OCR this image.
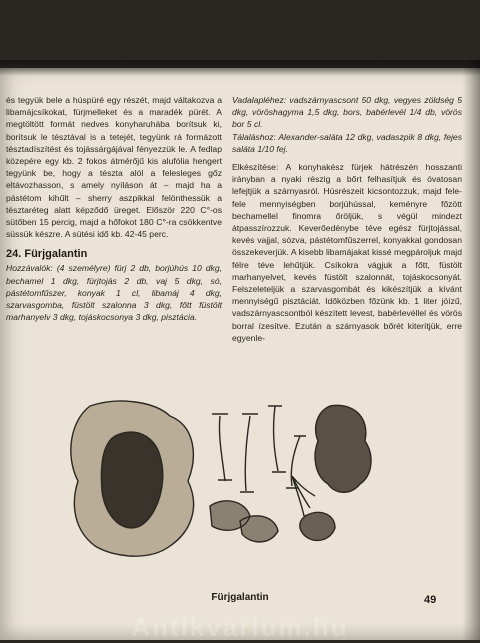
és tegyük bele a húspüré egy részét, majd váltakozva a libamájcsíkokat, fürjmelleket és a maradék pürét. A megtöltött formát nedves konyharuhába borítsuk ki, borítsuk le tésztával is a tetejét, tegyünk rá formázott tésztadíszítést és tojássárgájával fényezzük le. A fedlap közepére egy kb. 2 fokos átmérőjű kis alufólia hengert tegyünk be, hogy a tészta alól a felesleges gőz eltávozhasson, s amely nyíláson át – majd ha a pástétom kihűlt – sherry aszpikkal felönthessük a tésztaréteg alatt képződő üreget. Először 220 C°-os sütőben 15 percig, majd a hőfokot 180 C°-ra csökkentve süssük készre. A sütési idő kb. 42-45 perc.

24. Fürjgalantin

Hozzávalók: (4 személyre) fürj 2 db, borjúhús 10 dkg, bechamel 1 dkg, fürjtojás 2 db, vaj 5 dkg, só, pástétomfűszer, konyak 1 cl, libamáj 4 dkg, szarvasgomba, füstölt szalonna 3 dkg, főtt füstölt marhanyelv 3 dkg, tojáskocsonya 3 dkg, pisztácia.

Vadalapléhez: vadszárnyascsont 50 dkg, vegyes zöldség 5 dkg, vöröshagyma 1,5 dkg, bors, babérlevél 1/4 db, vörös bor 5 cl.

Tálaláshoz: Alexander-saláta 12 dkg, vadaszpik 8 dkg, fejes saláta 1/10 fej.

Elkészítése: A konyhakész fürjek hátrészén hosszanti irányban a nyaki részig a bőrt felhasítjuk és óvatosan lefejtjük a szárnyasról. Húsrészeit kicsontozzuk, majd fele-fele mennyiségben borjúhússal, keményre főzött bechamellel finomra őröljük, s végül mindezt átpasszírozzuk. Keverőedénybe téve egész fürjtojással, kevés vajjal, sózva, pástétomfűszerrel, konyakkal gondosan összekeverjük. A kisebb libamájakat kissé megpároljuk majd félre téve lehűtjük. Csíkokra vágjuk a főtt, füstölt marhanyelvet, kevés füstölt szalonnát, tojáskocsonyát. Felszeleteljük a szarvasgombát és kikészítjük a kívánt mennyiségű pisztáciát. Időközben főzünk kb. 1 liter jóízű, vadszárnyascsontból készített levest, babérlevéllel és vörös borral ízesítve. Ezután a szárnyasok bőrét kiterítjük, erre egyenle-

Fürjgalantin	49
Antikvarium.hu
